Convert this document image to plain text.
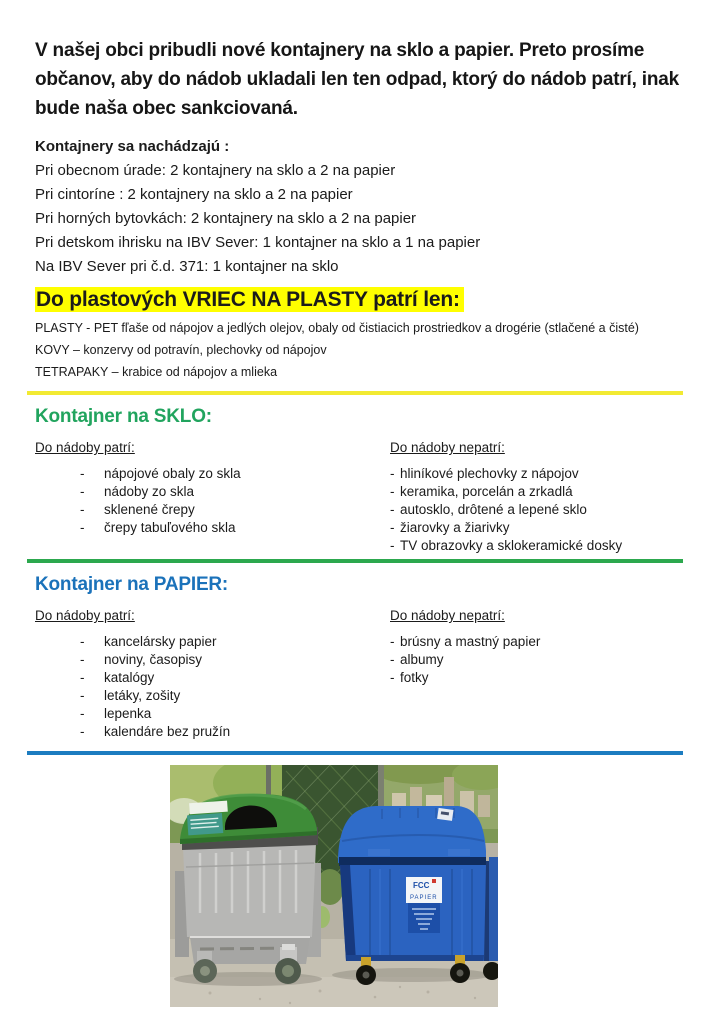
V našej obci pribudli nové kontajnery na sklo a papier. Preto prosíme občanov, aby do nádob ukladali len ten odpad, ktorý do nádob patrí, inak bude naša obec sankciovaná.

Kontajnery sa nachádzajú :

Pri obecnom úrade: 2 kontajnery na sklo a 2 na papier

Pri cintoríne : 2 kontajnery na sklo a 2 na papier

Pri horných bytovkách: 2 kontajnery na sklo a 2 na papier

Pri detskom ihrisku na IBV Sever: 1 kontajner na sklo a 1 na papier

Na IBV Sever pri č.d. 371: 1 kontajner na sklo

Do plastových VRIEC NA PLASTY patrí len:

PLASTY - PET fľaše od nápojov a jedlých olejov, obaly od čistiacich prostriedkov a drogérie (stlačené a čisté)

KOVY – konzervy od potravín, plechovky od nápojov

TETRAPAKY – krabice od nápojov a mlieka

Kontajner na SKLO:

Do nádoby patrí:

-	nápojové obaly zo skla
-	nádoby zo skla
-	sklenené črepy
-	črepy tabuľového skla

Do nádoby nepatrí:

- hliníkové plechovky z nápojov
- keramika, porcelán a zrkadlá
- autosklo, drôtené a lepené sklo
- žiarovky a žiarivky
- TV obrazovky a sklokeramické dosky
Kontajner na PAPIER:

Do nádoby patrí:

-	kancelársky papier
-	noviny, časopisy
-	katalógy
-	letáky, zošity
-	lepenka
-	kalendáre bez pružín

Do nádoby nepatrí:

- brúsny a mastný papier
- albumy
- fotky
FCC
PAPIER
